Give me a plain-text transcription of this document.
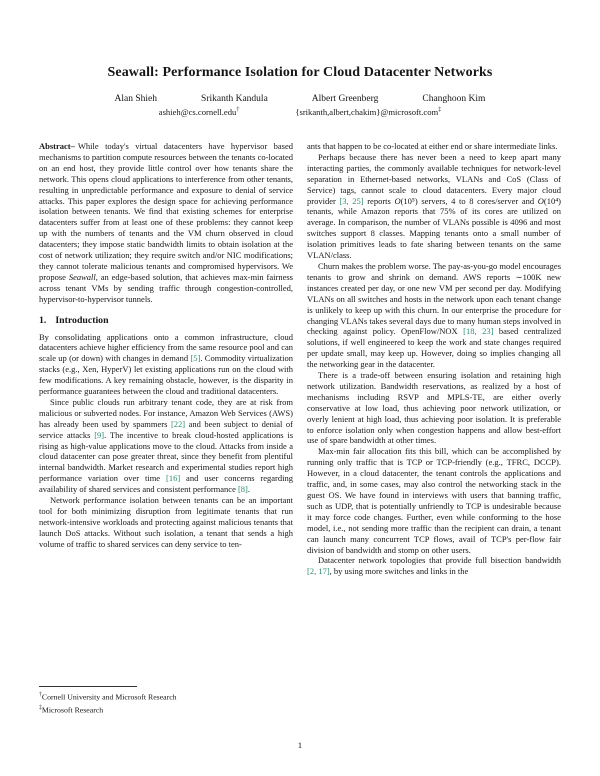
Seawall: Performance Isolation for Cloud Datacenter Networks
Alan Shieh	Srikanth Kandula	Albert Greenberg	Changhoon Kim
ashieh@cs.cornell.edu†	{srikanth,albert,chakim}@microsoft.com‡

Abstract– While today's virtual datacenters have hypervisor based mechanisms to partition compute resources between the tenants co-located on an end host, they provide little control over how tenants share the network. This opens cloud applications to interference from other tenants, resulting in unpredictable performance and exposure to denial of service attacks. This paper explores the design space for achieving performance isolation between tenants. We find that existing schemes for enterprise datacenters suffer from at least one of these problems: they cannot keep up with the numbers of tenants and the VM churn observed in cloud datacenters; they impose static bandwidth limits to obtain isolation at the cost of network utilization; they require switch and/or NIC modifications; they cannot tolerate malicious tenants and compromised hypervisors. We propose Seawall, an edge-based solution, that achieves max-min fairness across tenant VMs by sending traffic through congestion-controlled, hypervisor-to-hypervisor tunnels.

1. Introduction

By consolidating applications onto a common infrastructure, cloud datacenters achieve higher efficiency from the same resource pool and can scale up (or down) with changes in demand [5]. Commodity virtualization stacks (e.g., Xen, HyperV) let existing applications run on the cloud with few modifications. A key remaining obstacle, however, is the disparity in performance guarantees between the cloud and traditional datacenters.

Since public clouds run arbitrary tenant code, they are at risk from malicious or subverted nodes. For instance, Amazon Web Services (AWS) has already been used by spammers [22] and been subject to denial of service attacks [9]. The incentive to break cloud-hosted applications is rising as high-value applications move to the cloud. Attacks from inside a cloud datacenter can pose greater threat, since they benefit from plentiful internal bandwidth. Market research and experimental studies report high performance variation over time [16] and user concerns regarding availability of shared services and consistent performance [8].

Network performance isolation between tenants can be an important tool for both minimizing disruption from legitimate tenants that run network-intensive workloads and protecting against malicious tenants that launch DoS attacks. Without such isolation, a tenant that sends a high volume of traffic to shared services can deny service to ten-

ants that happen to be co-located at either end or share intermediate links.

Perhaps because there has never been a need to keep apart many interacting parties, the commonly available techniques for network-level separation in Ethernet-based networks, VLANs and CoS (Class of Service) tags, cannot scale to cloud datacenters. Every major cloud provider [3, 25] reports O(10⁵) servers, 4 to 8 cores/server and O(10⁴) tenants, while Amazon reports that 75% of its cores are utilized on average. In comparison, the number of VLANs possible is 4096 and most switches support 8 classes. Mapping tenants onto a small number of isolation primitives leads to fate sharing between tenants on the same VLAN/class.

Churn makes the problem worse. The pay-as-you-go model encourages tenants to grow and shrink on demand. AWS reports ∼100K new instances created per day, or one new VM per second per day. Modifying VLANs on all switches and hosts in the network upon each tenant change is unlikely to keep up with this churn. In our enterprise the procedure for changing VLANs takes several days due to many human steps involved in checking against policy. OpenFlow/NOX [18, 23] based centralized solutions, if well engineered to keep the work and state changes required per update small, may keep up. However, doing so implies changing all the networking gear in the datacenter.

There is a trade-off between ensuring isolation and retaining high network utilization. Bandwidth reservations, as realized by a host of mechanisms including RSVP and MPLS-TE, are either overly conservative at low load, thus achieving poor network utilization, or overly lenient at high load, thus achieving poor isolation. It is preferable to enforce isolation only when congestion happens and allow best-effort use of spare bandwidth at other times.

Max-min fair allocation fits this bill, which can be accomplished by running only traffic that is TCP or TCP-friendly (e.g., TFRC, DCCP). However, in a cloud datacenter, the tenant controls the applications and traffic, and, in some cases, may also control the networking stack in the guest OS. We have found in interviews with users that banning traffic, such as UDP, that is potentially unfriendly to TCP is undesirable because it may force code changes. Further, even while conforming to the hose model, i.e., not sending more traffic than the recipient can drain, a tenant can launch many concurrent TCP flows, avail of TCP's per-flow fair division of bandwidth and stomp on other users.

Datacenter network topologies that provide full bisection bandwidth [2, 17], by using more switches and links in the

†Cornell University and Microsoft Research
‡Microsoft Research
1
